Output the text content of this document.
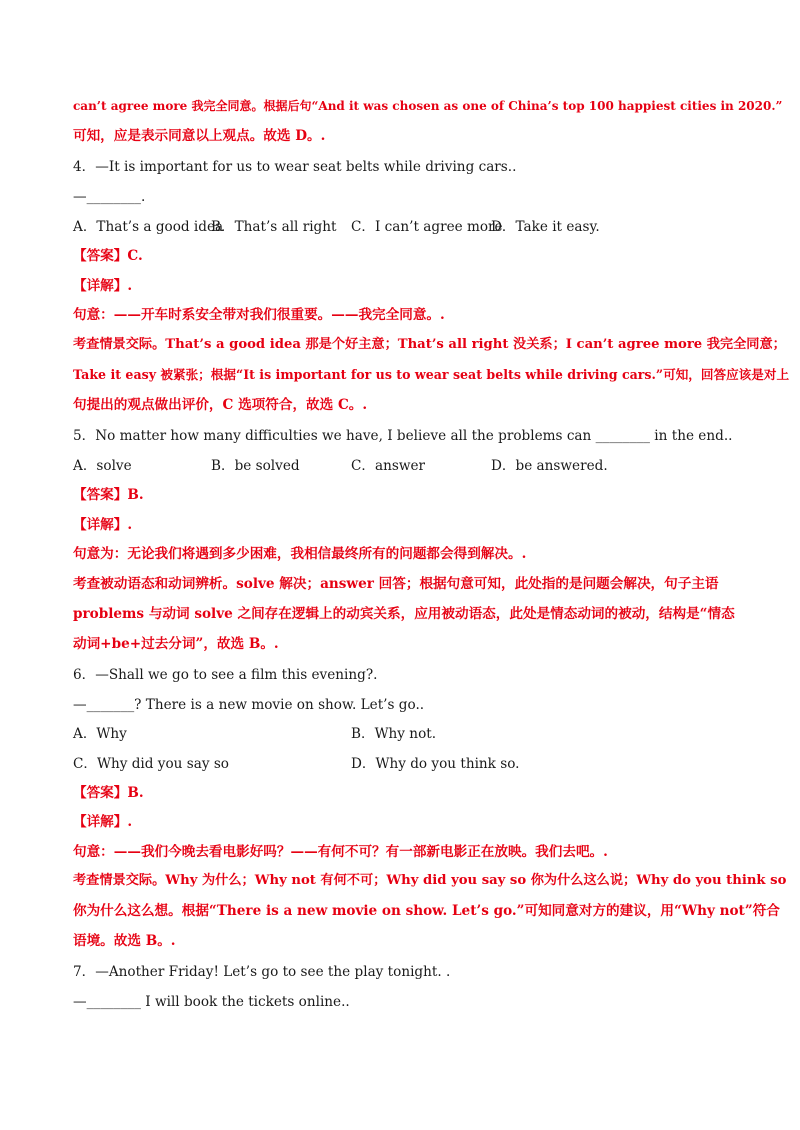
can’t agree more 我完全同意。根据后句“And it was chosen as one of China’s top 100 happiest cities in 2020.”
可知，应是表示同意以上观点。故选 D。.
4．—It is important for us to wear seat belts while driving cars..
—________.
A．That’s a good idea
B．That’s all right C．I can’t agree more
D．Take it easy.
【答案】C.
【详解】.
句意：——开车时系安全带对我们很重要。——我完全同意。.
考查情景交际。That’s a good idea 那是个好主意；That’s all right 没关系；I can’t agree more 我完全同意；
Take it easy 被紧张；根据“It is important for us to wear seat belts while driving cars.”可知，回答应该是对上
句提出的观点做出评价，C 选项符合，故选 C。.
5．No matter how many difficulties we have, I believe all the problems can ________ in the end..
A．solve	B．be solved	C．answer	D．be answered.
【答案】B.
【详解】.
句意为：无论我们将遇到多少困难，我相信最终所有的问题都会得到解决。.
考查被动语态和动词辨析。solve 解决；answer 回答；根据句意可知，此处指的是问题会解决，句子主语
problems 与动词 solve 之间存在逻辑上的动宾关系，应用被动语态，此处是情态动词的被动，结构是“情态
动词+be+过去分词”，故选 B。.
6．—Shall we go to see a film this evening?.
—_______? There is a new movie on show. Let’s go..
A．Why	B．Why not.
C．Why did you say so	D．Why do you think so.
【答案】B.
【详解】.
句意：——我们今晚去看电影好吗？——有何不可？有一部新电影正在放映。我们去吧。.
考查情景交际。Why 为什么；Why not 有何不可；Why did you say so 你为什么这么说；Why do you think so
你为什么这么想。根据“There is a new movie on show. Let’s go.”可知同意对方的建议，用“Why not”符合
语境。故选 B。.
7．—Another Friday! Let’s go to see the play tonight. .
—________ I will book the tickets online..
